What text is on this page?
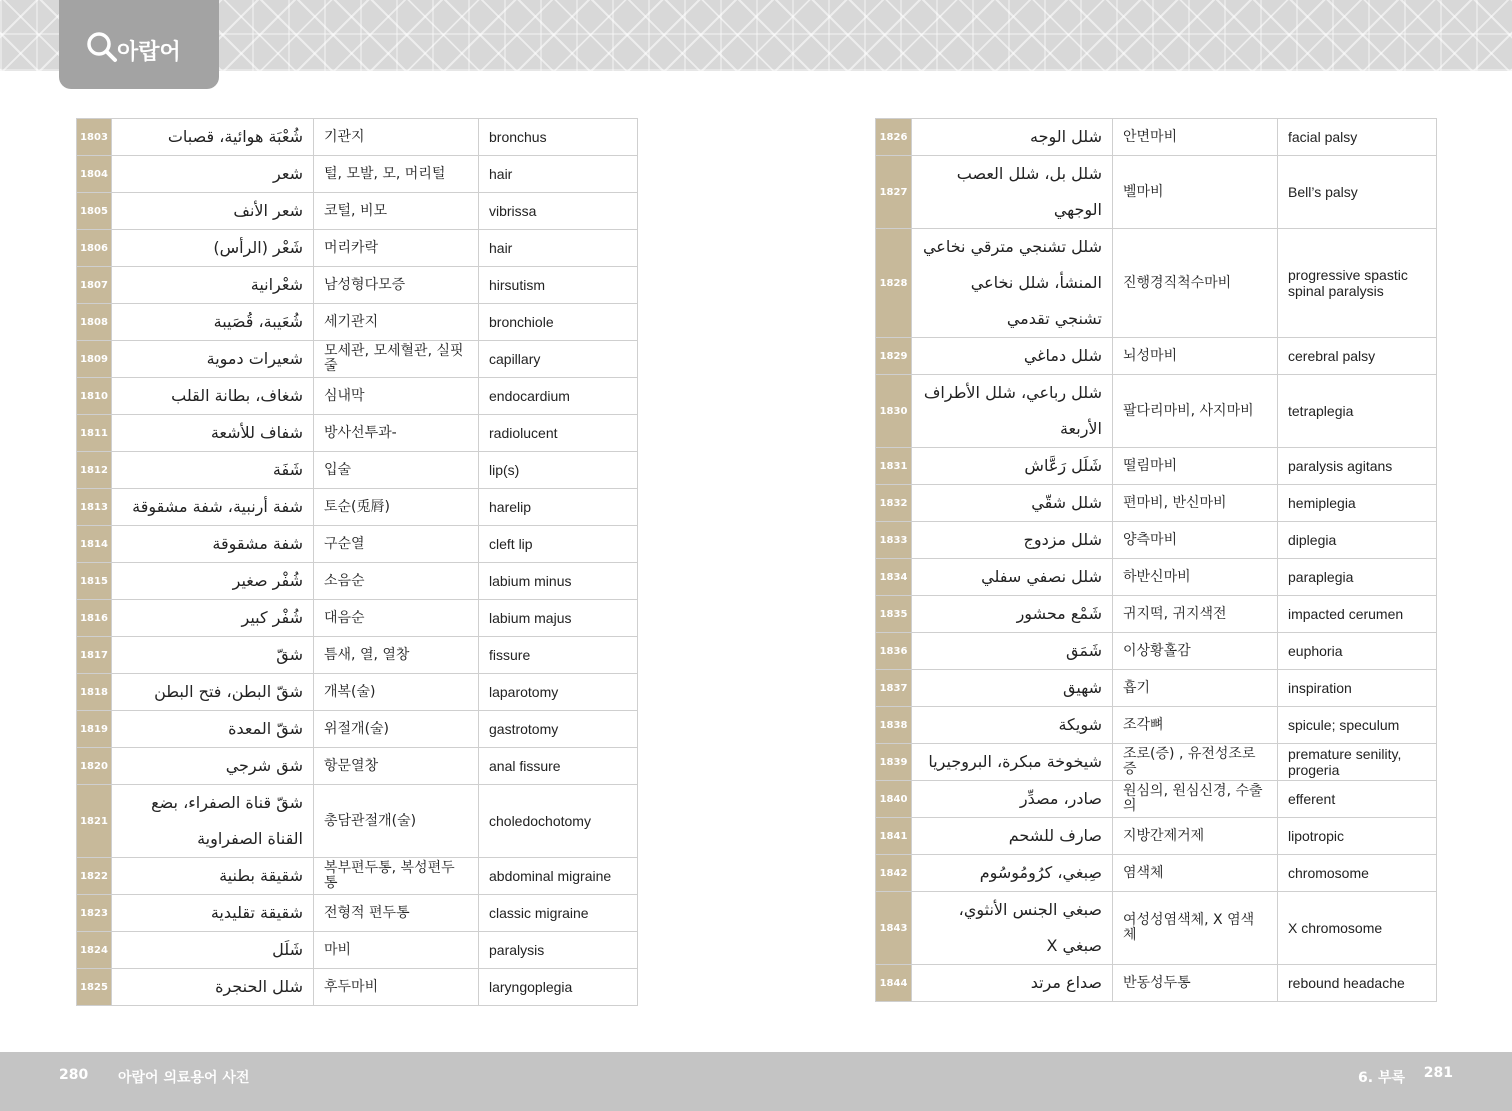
아랍어
1803	شُعْبَة هوائية، قصبات	기관지	bronchus
1804	شعر	털, 모발, 모, 머리털	hair
1805	شعر الأنف	코털, 비모	vibrissa
1806	شَعْر (الرأس)	머리카락	hair
1807	شعْرانية	남성형다모증	hirsutism
1808	شُعَيبة، قُصَيبة	세기관지	bronchiole
1809	شعيرات دموية	모세관, 모세혈관, 실핏줄	capillary
1810	شغاف، بطانة القلب	심내막	endocardium
1811	شفاف للأشعة	방사선투과-	radiolucent
1812	شَفَة	입술	lip(s)
1813	شفة أرنبية، شفة مشقوقة	토순(兎脣)	harelip
1814	شفة مشقوقة	구순열	cleft lip
1815	شُفْر صغير	소음순	labium minus
1816	شُفْر كبير	대음순	labium majus
1817	شقّ	틈새, 열, 열창	fissure
1818	شقّ البطن، فتح البطن	개복(술)	laparotomy
1819	شقّ المعدة	위절개(술)	gastrotomy
1820	شق شرجي	항문열창	anal fissure
1821	شقّ قناة الصفراء، بضع القناة الصفراوية	총담관절개(술)	choledochotomy
1822	شقيقة بطنية	복부편두통, 복성편두통	abdominal migraine
1823	شقيقة تقليدية	전형적 편두통	classic migraine
1824	شَلَل	마비	paralysis
1825	شلل الحنجرة	후두마비	laryngoplegia
1826	شلل الوجه	안면마비	facial palsy
1827	شلل بل، شلل العصب الوجهي	벨마비	Bell’s palsy
1828	شلل تشنجي مترقي نخاعي المنشأ، شلل نخاعي تشنجي تقدمي	진행경직척수마비	progressive spastic spinal paralysis
1829	شلل دماغي	뇌성마비	cerebral palsy
1830	شلل رباعي، شلل الأطراف الأربعة	팔다리마비, 사지마비	tetraplegia
1831	شَلَل رَعَّاش	떨림마비	paralysis agitans
1832	شلل شقّي	편마비, 반신마비	hemiplegia
1833	شلل مزدوج	양측마비	diplegia
1834	شلل نصفي سفلي	하반신마비	paraplegia
1835	شَمْع محشور	귀지떡, 귀지색전	impacted cerumen
1836	شَمَق	이상황홀감	euphoria
1837	شهيق	흡기	inspiration
1838	شويكة	조각뼈	spicule; speculum
1839	شيخوخة مبكرة، البروجيريا	조로(증) , 유전성조로증	premature senility, progeria
1840	صادر، مصدِّر	원심의, 원심신경, 수출의	efferent
1841	صارف للشحم	지방간제거제	lipotropic
1842	صِبغي، كرُومُوسُوم	염색체	chromosome
1843	صبغي الجنس الأنثوي، صبغي X	여성성염색체, X 염색체	X chromosome
1844	صداع مرتد	반동성두통	rebound headache
280 아랍어 의료용어 사전	6. 부록 281
